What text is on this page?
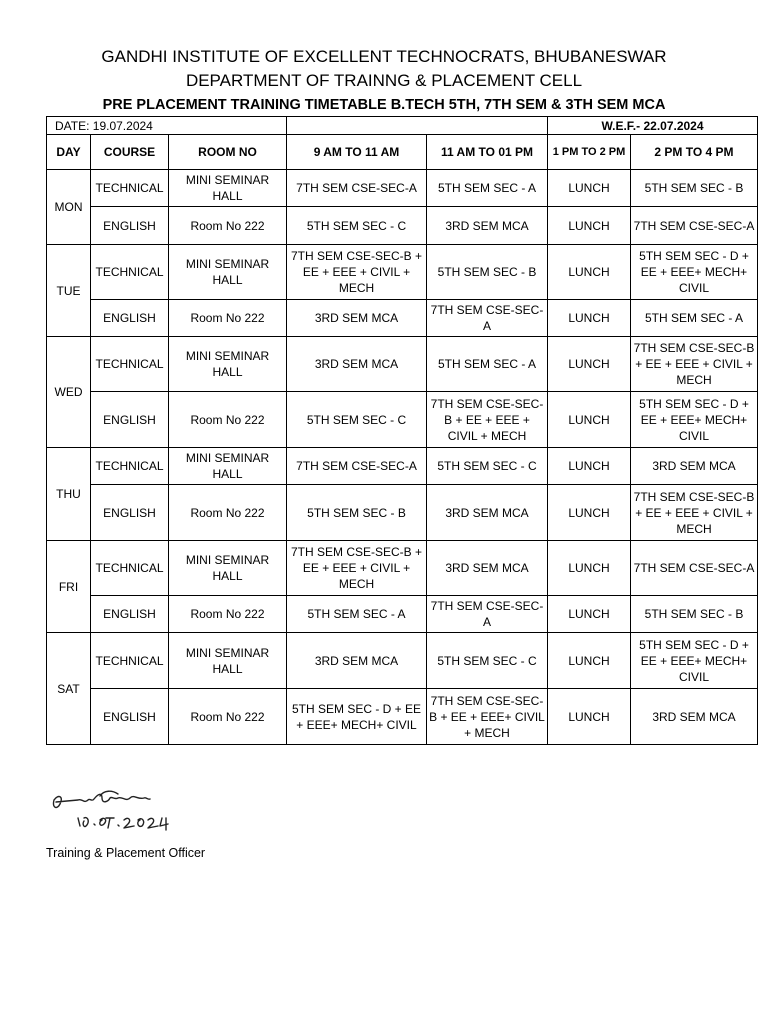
GANDHI INSTITUTE OF EXCELLENT TECHNOCRATS, BHUBANESWAR
DEPARTMENT OF TRAINNG & PLACEMENT CELL
PRE PLACEMENT TRAINING TIMETABLE B.TECH 5TH, 7TH SEM & 3TH SEM MCA
DATE: 19.07.2024					W.E.F.- 22.07.2024	
DAY	COURSE	ROOM NO	9 AM TO 11 AM	11 AM TO 01 PM	1 PM TO 2 PM	2 PM TO 4 PM
MON	TECHNICAL	MINI SEMINAR HALL	7TH SEM CSE-SEC-A	5TH SEM SEC - A	LUNCH	5TH SEM SEC - B
	ENGLISH	Room No 222	5TH SEM SEC - C	3RD SEM MCA	LUNCH	7TH SEM CSE-SEC-A
TUE	TECHNICAL	MINI SEMINAR HALL	7TH SEM CSE-SEC-B + EE + EEE + CIVIL + MECH	5TH SEM SEC - B	LUNCH	5TH SEM SEC - D + EE + EEE+ MECH+ CIVIL
	ENGLISH	Room No 222	3RD SEM MCA	7TH SEM CSE-SEC-A	LUNCH	5TH SEM SEC - A
WED	TECHNICAL	MINI SEMINAR HALL	3RD SEM MCA	5TH SEM SEC - A	LUNCH	7TH SEM CSE-SEC-B + EE + EEE + CIVIL + MECH
	ENGLISH	Room No 222	5TH SEM SEC - C	7TH SEM CSE-SEC-B + EE + EEE + CIVIL + MECH	LUNCH	5TH SEM SEC - D + EE + EEE+ MECH+ CIVIL
THU	TECHNICAL	MINI SEMINAR HALL	7TH SEM CSE-SEC-A	5TH SEM SEC - C	LUNCH	3RD SEM MCA
	ENGLISH	Room No 222	5TH SEM SEC - B	3RD SEM MCA	LUNCH	7TH SEM CSE-SEC-B + EE + EEE + CIVIL + MECH
FRI	TECHNICAL	MINI SEMINAR HALL	7TH SEM CSE-SEC-B + EE + EEE + CIVIL + MECH	3RD SEM MCA	LUNCH	7TH SEM CSE-SEC-A
	ENGLISH	Room No 222	5TH SEM SEC - A	7TH SEM CSE-SEC-A	LUNCH	5TH SEM SEC - B
SAT	TECHNICAL	MINI SEMINAR HALL	3RD SEM MCA	5TH SEM SEC - C	LUNCH	5TH SEM SEC - D + EE + EEE+ MECH+ CIVIL
	ENGLISH	Room No 222	5TH SEM SEC - D + EE + EEE+ MECH+ CIVIL	7TH SEM CSE-SEC-B + EE + EEE+ CIVIL + MECH	LUNCH	3RD SEM MCA
Training & Placement Officer
